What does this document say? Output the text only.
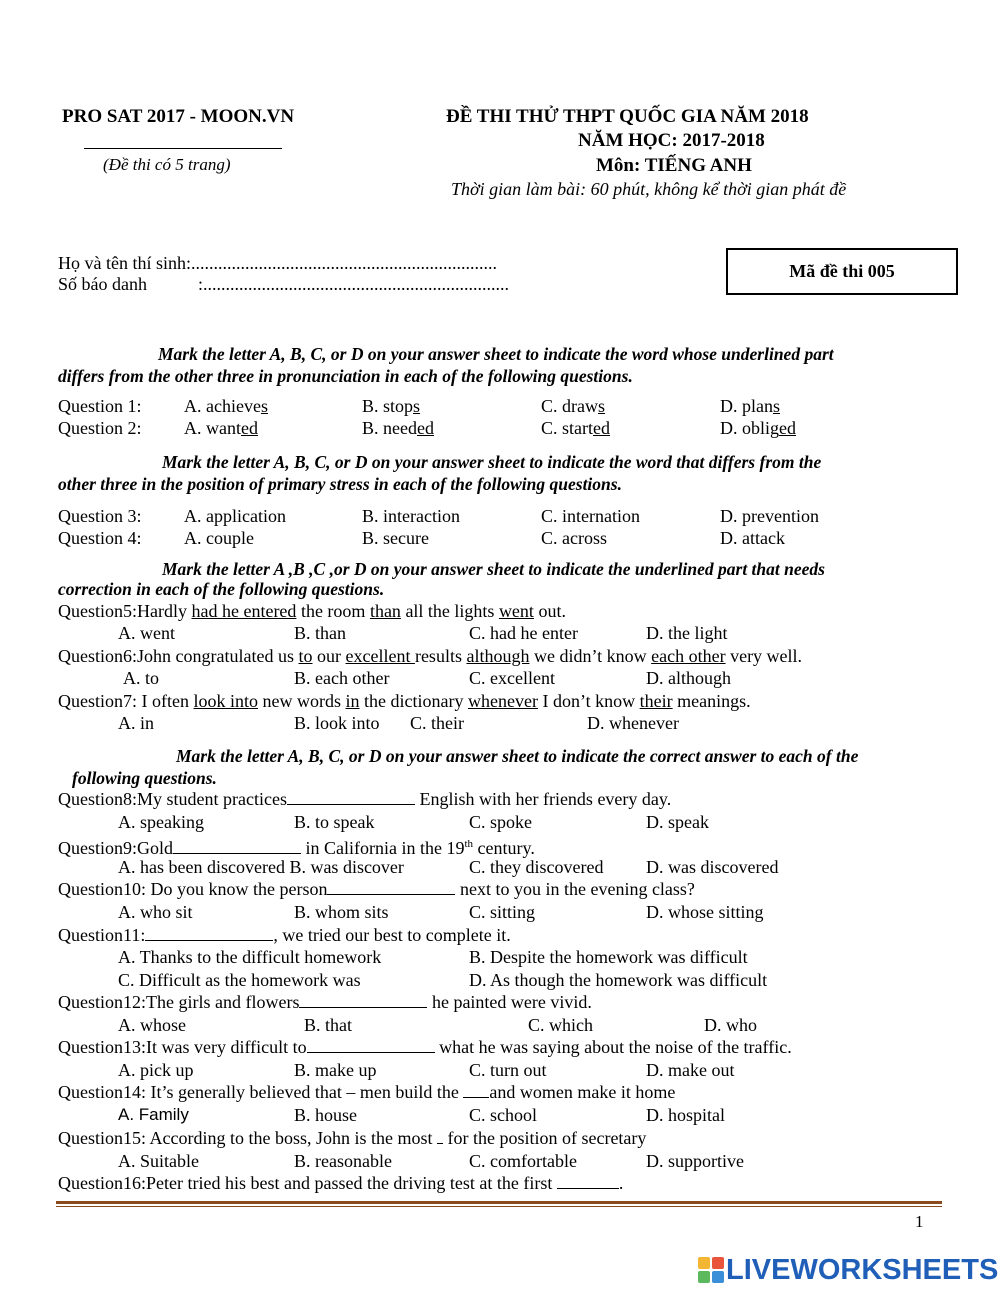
PRO SAT 2017 - MOON.VN
(Đề thi có 5 trang)
ĐỀ THI THỬ THPT QUỐC GIA NĂM 2018
NĂM HỌC: 2017-2018
Môn: TIẾNG ANH
Thời gian làm bài: 60 phút, không kể thời gian phát đề
Họ và tên thí sinh:....................................................................
Số báo danh	:....................................................................
Mã đề thi 005
Mark the letter A, B, C, or D on your answer sheet to indicate the word whose underlined part
differs from the other three in pronunciation in each of the following questions.
Question 1: A. achieves	B. stops	C. draws	D. plans
Question 2: A. wanted	B. needed	C. started	D. obliged
Mark the letter A, B, C, or D on your answer sheet to indicate the word that differs from the
other three in the position of primary stress in each of the following questions.
Question 3: A. application	B. interaction	C. internation	D. prevention
Question 4: A. couple	B. secure	C. across	D. attack
Mark the letter A ,B ,C ,or D on your answer sheet to indicate the underlined part that needs
correction in each of the following questions.
Question5:Hardly had he entered the room than all the lights went out.
A. went	B. than	C. had he enter	D. the light
Question6:John congratulated us to our excellent results although we didn’t know each other very well.
A. to	B. each other	C. excellent	D. although
Question7: I often look into new words in the dictionary whenever I don’t know their meanings.
A. in	B. look into C. their	D. whenever
Mark the letter A, B, C, or D on your answer sheet to indicate the correct answer to each of the
following questions.
Question8:My student practices	English with her friends every day.
A. speaking	B. to speak	C. spoke	D. speak
Question9:Gold	in California in the 19th century.
A. has been discovered B. was discover	C. they discovered D. was discovered
Question10: Do you know the person	next to you in the evening class?
A. who sit	B. whom sits	C. sitting	D. whose sitting
Question11:	, we tried our best to complete it.
A. Thanks to the difficult homework	B. Despite the homework was difficult
C. Difficult as the homework was	D. As though the homework was difficult
Question12:The girls and flowers	he painted were vivid.
A. whose	B. that	C. which	D. who
Question13:It was very difficult to	what he was saying about the noise of the traffic.
A. pick up	B. make up	C. turn out	D. make out
Question14: It’s generally believed that – men build the and women make it home
A. Family	B. house	C. school	D. hospital
Question15: According to the boss, John is the most  for the position of secretary
A. Suitable	B. reasonable	C. comfortable	D. supportive
Question16:Peter tried his best and passed the driving test at the first	.
1
LIVEWORKSHEETS
